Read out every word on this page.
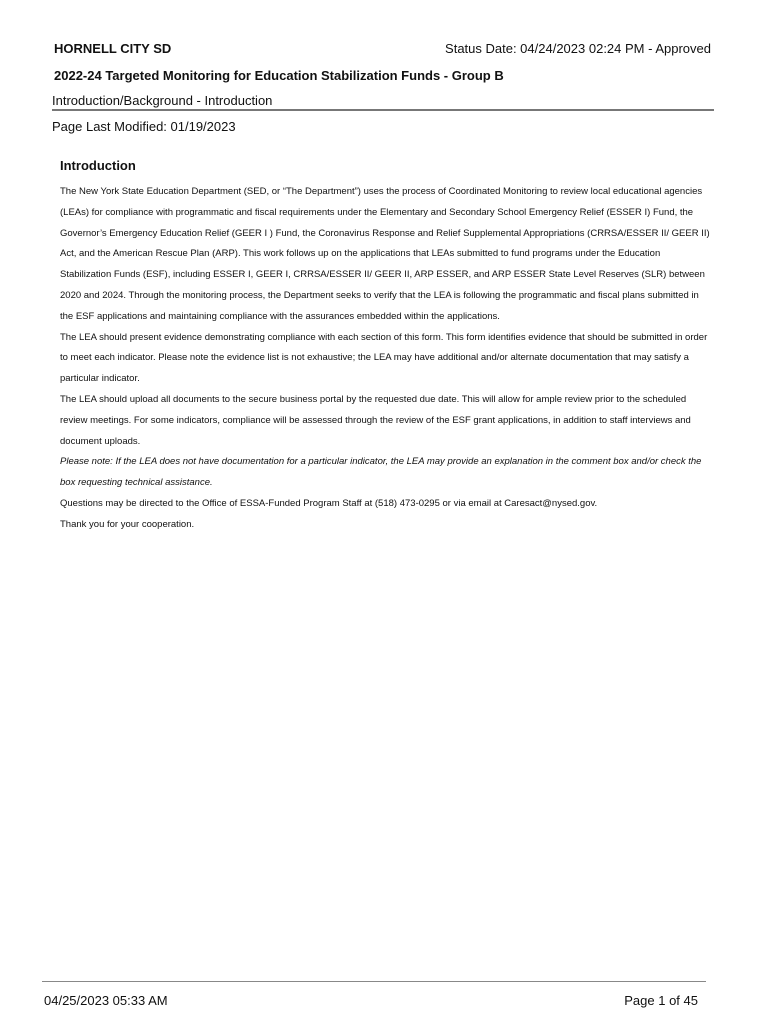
HORNELL CITY SD	Status Date: 04/24/2023 02:24 PM - Approved
2022-24 Targeted Monitoring for Education Stabilization Funds - Group B
Introduction/Background - Introduction
Page Last Modified: 01/19/2023
Introduction

The New York State Education Department (SED, or “The Department”) uses the process of Coordinated Monitoring to review local educational agencies (LEAs) for compliance with programmatic and fiscal requirements under the Elementary and Secondary School Emergency Relief (ESSER I) Fund, the Governor’s Emergency Education Relief (GEER I ) Fund, the Coronavirus Response and Relief Supplemental Appropriations (CRRSA/ESSER II/ GEER II) Act, and the American Rescue Plan (ARP). This work follows up on the applications that LEAs submitted to fund programs under the Education Stabilization Funds (ESF), including ESSER I, GEER I, CRRSA/ESSER II/ GEER II, ARP ESSER, and ARP ESSER State Level Reserves (SLR) between 2020 and 2024. Through the monitoring process, the Department seeks to verify that the LEA is following the programmatic and fiscal plans submitted in the ESF applications and maintaining compliance with the assurances embedded within the applications.

The LEA should present evidence demonstrating compliance with each section of this form. This form identifies evidence that should be submitted in order to meet each indicator. Please note the evidence list is not exhaustive; the LEA may have additional and/or alternate documentation that may satisfy a particular indicator.

The LEA should upload all documents to the secure business portal by the requested due date. This will allow for ample review prior to the scheduled review meetings. For some indicators, compliance will be assessed through the review of the ESF grant applications, in addition to staff interviews and document uploads.

Please note: If the LEA does not have documentation for a particular indicator, the LEA may provide an explanation in the comment box and/or check the box requesting technical assistance.

Questions may be directed to the Office of ESSA-Funded Program Staff at (518) 473-0295 or via email at Caresact@nysed.gov.

Thank you for your cooperation.

04/25/2023 05:33 AM	Page 1 of 45
